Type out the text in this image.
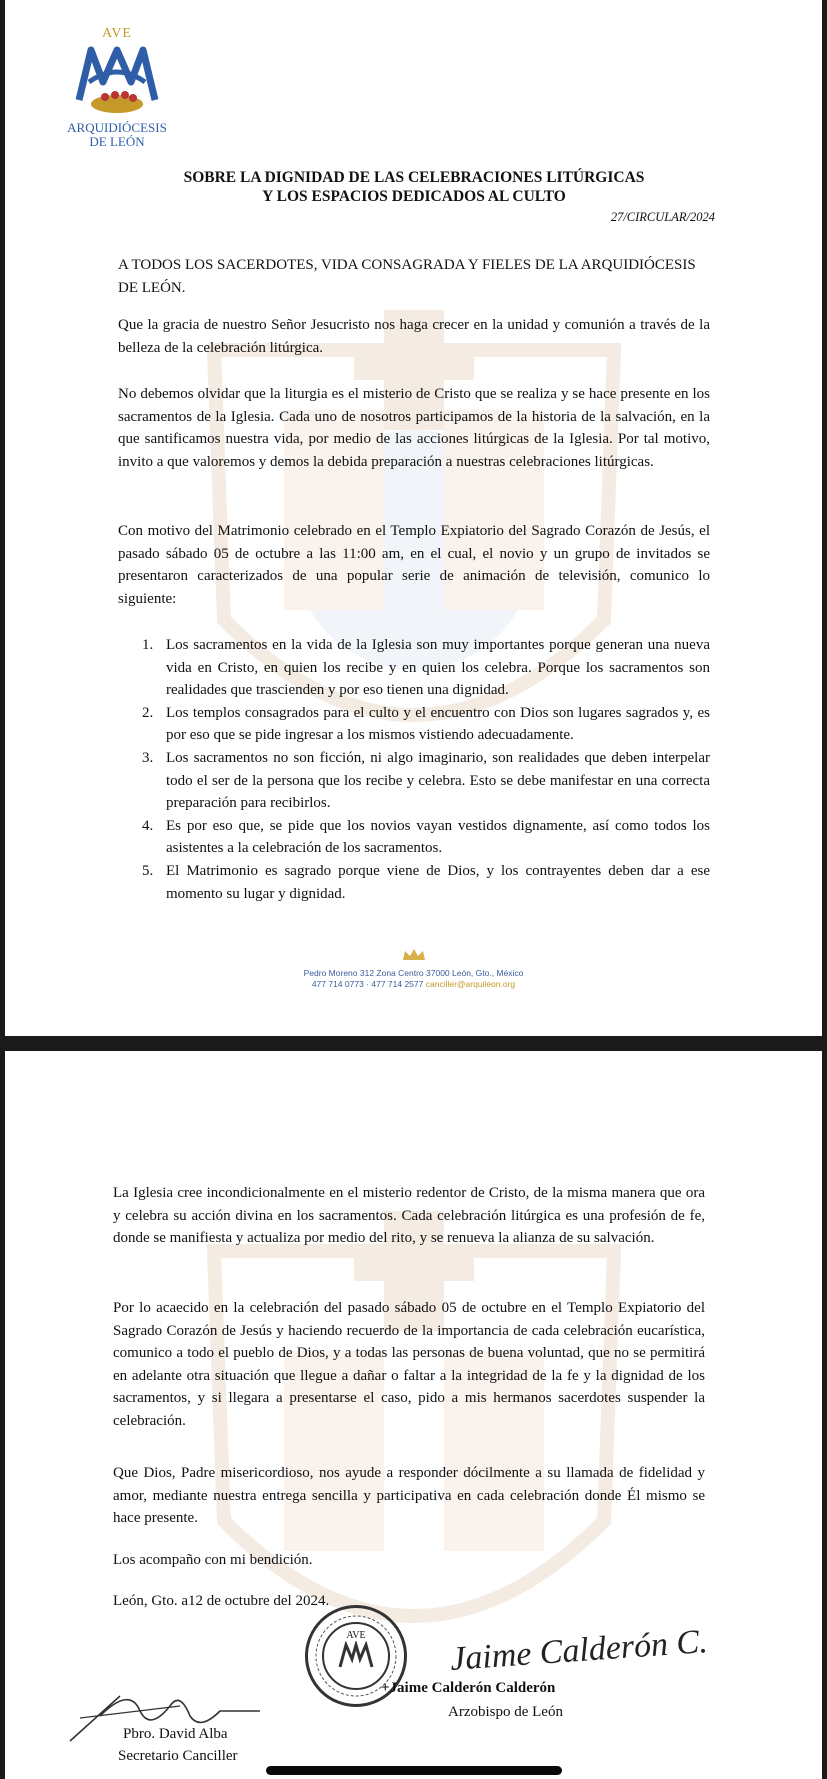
AVE
ARQUIDIÓCESIS
DE LEÓN
SOBRE LA DIGNIDAD DE LAS CELEBRACIONES LITÚRGICAS
Y LOS ESPACIOS DEDICADOS AL CULTO
27/CIRCULAR/2024
A TODOS LOS SACERDOTES, VIDA CONSAGRADA Y FIELES DE LA ARQUIDIÓCESIS DE LEÓN.
Que la gracia de nuestro Señor Jesucristo nos haga crecer en la unidad y comunión a través de la belleza de la celebración litúrgica.
No debemos olvidar que la liturgia es el misterio de Cristo que se realiza y se hace presente en los sacramentos de la Iglesia. Cada uno de nosotros participamos de la historia de la salvación, en la que santificamos nuestra vida, por medio de las acciones litúrgicas de la Iglesia. Por tal motivo, invito a que valoremos y demos la debida preparación a nuestras celebraciones litúrgicas.
Con motivo del Matrimonio celebrado en el Templo Expiatorio del Sagrado Corazón de Jesús, el pasado sábado 05 de octubre a las 11:00 am, en el cual, el novio y un grupo de invitados se presentaron caracterizados de una popular serie de animación de televisión, comunico lo siguiente:
1. Los sacramentos en la vida de la Iglesia son muy importantes porque generan una nueva vida en Cristo, en quien los recibe y en quien los celebra. Porque los sacramentos son realidades que trascienden y por eso tienen una dignidad.
2. Los templos consagrados para el culto y el encuentro con Dios son lugares sagrados y, es por eso que se pide ingresar a los mismos vistiendo adecuadamente.
3. Los sacramentos no son ficción, ni algo imaginario, son realidades que deben interpelar todo el ser de la persona que los recibe y celebra. Esto se debe manifestar en una correcta preparación para recibirlos.
4. Es por eso que, se pide que los novios vayan vestidos dignamente, así como todos los asistentes a la celebración de los sacramentos.
5. El Matrimonio es sagrado porque viene de Dios, y los contrayentes deben dar a ese momento su lugar y dignidad.
Pedro Moreno 312 Zona Centro 37000 León, Gto., México
477 714 0773 · 477 714 2577 canciller@arquileon.org
La Iglesia cree incondicionalmente en el misterio redentor de Cristo, de la misma manera que ora y celebra su acción divina en los sacramentos. Cada celebración litúrgica es una profesión de fe, donde se manifiesta y actualiza por medio del rito, y se renueva la alianza de su salvación.
Por lo acaecido en la celebración del pasado sábado 05 de octubre en el Templo Expiatorio del Sagrado Corazón de Jesús y haciendo recuerdo de la importancia de cada celebración eucarística, comunico a todo el pueblo de Dios, y a todas las personas de buena voluntad, que no se permitirá en adelante otra situación que llegue a dañar o faltar a la integridad de la fe y la dignidad de los sacramentos, y si llegara a presentarse el caso, pido a mis hermanos sacerdotes suspender la celebración.
Que Dios, Padre misericordioso, nos ayude a responder dócilmente a su llamada de fidelidad y amor, mediante nuestra entrega sencilla y participativa en cada celebración donde Él mismo se hace presente.
Los acompaño con mi bendición.
León, Gto. a12 de octubre del 2024.
AVE	Jaime Calderón C.
+Jaime Calderón Calderón
Arzobispo de León
Pbro. David Alba
Secretario Canciller
